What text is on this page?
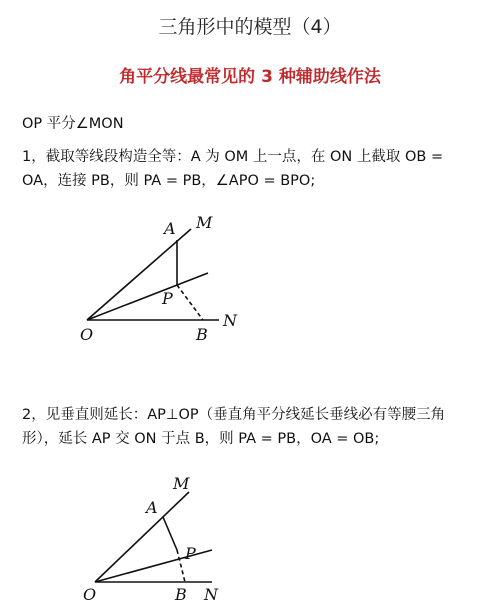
三角形中的模型（4）
角平分线最常见的 3 种辅助线作法
OP 平分∠MON
1，截取等线段构造全等：A 为 OM 上一点，在 ON 上截取 OB =
OA，连接 PB，则 PA = PB，∠APO = BPO;
A M
P
O	B
N
2，见垂直则延长：AP⊥OP（垂直角平分线延长垂线必有等腰三角
形），延长 AP 交 ON 于点 B，则 PA = PB，OA = OB;
M
A
P
O	B N
